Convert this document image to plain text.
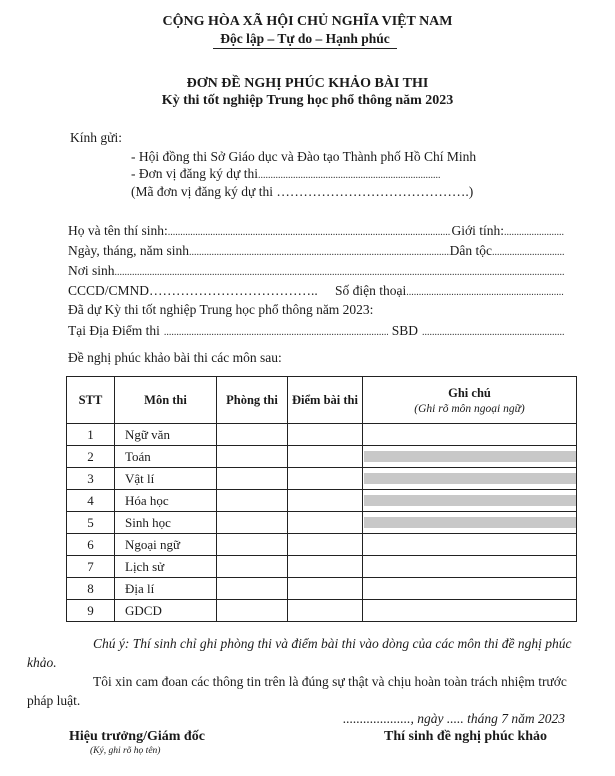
CỘNG HÒA XÃ HỘI CHỦ NGHĨA VIỆT NAM
Độc lập – Tự do – Hạnh phúc
ĐƠN ĐỀ NGHỊ PHÚC KHẢO BÀI THI
Kỳ thi tốt nghiệp Trung học phổ thông năm 2023
Kính gửi:
- Hội đồng thi Sở Giáo dục và Đào tạo Thành phố Hồ Chí Minh
- Đơn vị đăng ký dự thi
.....
(Mã đơn vị đăng ký dự thi …………………………………….)
Họ và tên thí sinh: .....	Giới tính:
.....
Ngày, tháng, năm sinh .....	Dân tộc
.....
Nơi sinh
.....
CCCD/CMND ………………………………..	Số điện thoại
.....
Đã dự Kỳ thi tốt nghiệp Trung học phổ thông năm 2023:
Tại Địa Điểm thi .....	SBD
.....
Đề nghị phúc khảo bài thi các môn sau:
STT	Môn thi	Phòng thi	Điểm bài thi	Ghi chú
(Ghi rõ môn ngoại ngữ)

1	Ngữ văn			
2	Toán			

3	Vật lí			

4	Hóa học			

5	Sinh học			

6	Ngoại ngữ			
7	Lịch sử			
8	Địa lí			
9	GDCD			
Chú ý: Thí sinh chỉ ghi phòng thi và điểm bài thi vào dòng của các môn thi đề nghị phúc
khảo.
Tôi xin cam đoan các thông tin trên là đúng sự thật và chịu hoàn toàn trách nhiệm trước
pháp luật.
...................., ngày ..... tháng 7 năm 2023
Hiệu trưởng/Giám đốc
(Ký, ghi rõ họ tên)
Thí sinh đề nghị phúc khảo
